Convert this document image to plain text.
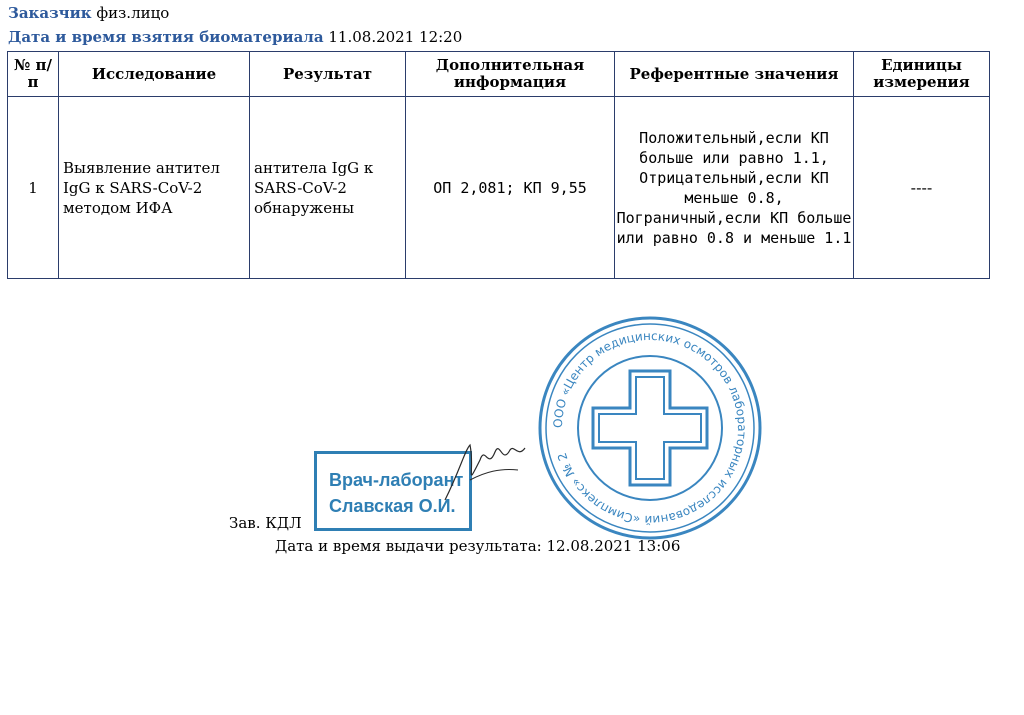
Заказчик физ.лицо
Дата и время взятия биоматериала 11.08.2021 12:20
№ п/п	Исследование	Результат	Дополнительная информация	Референтные значения	Единицы измерения
1	Выявление антител IgG к SARS-CoV-2 методом ИФА	антитела IgG к SARS-CoV-2 обнаружены	ОП 2,081; КП 9,55	Положительный,если КП больше или равно 1.1, Отрицательный,если КП меньше 0.8, Пограничный,если КП больше или равно 0.8 и меньше 1.1	----
Зав. КДЛ
Врач-лаборант
Славская О.И.
ООО «Центр медицинских осмотров лабораторных исследований «Симплекс» № 2
Дата и время выдачи результата: 12.08.2021 13:06
